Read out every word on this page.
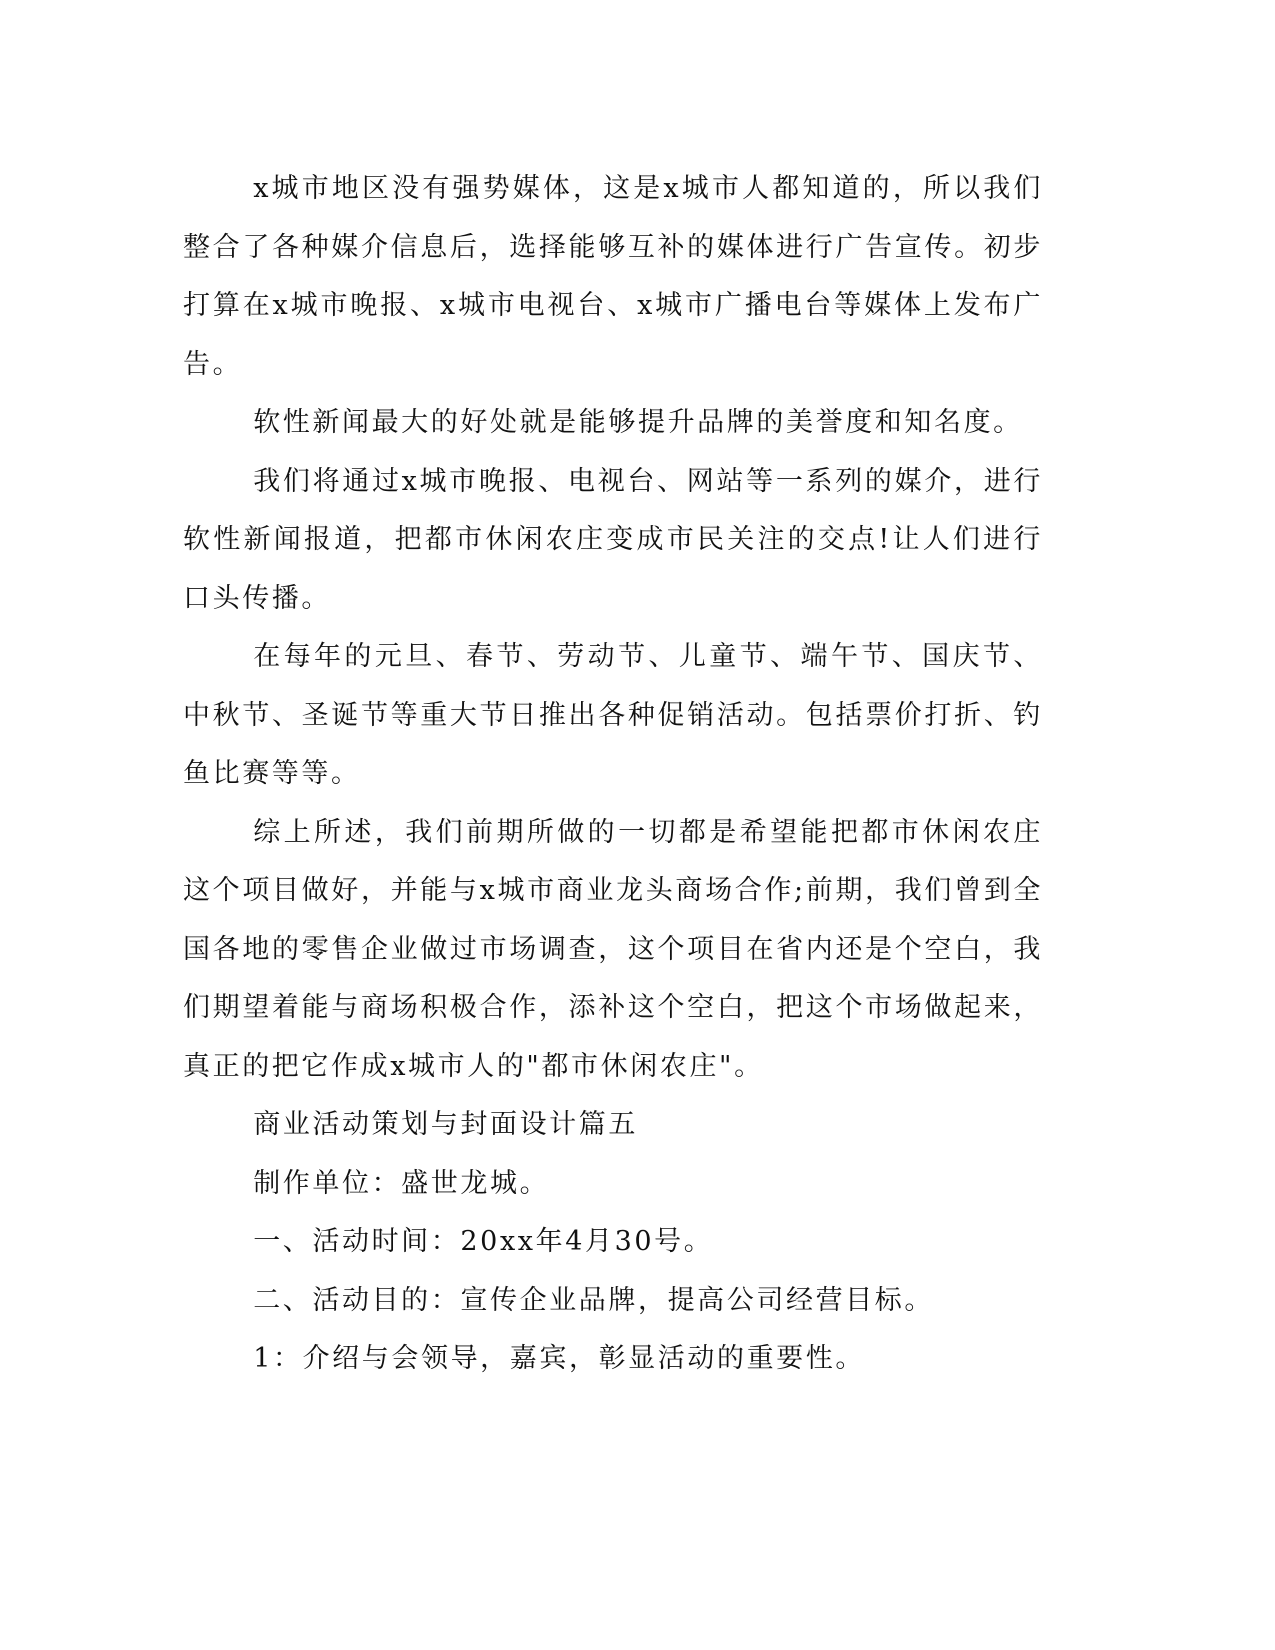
x城市地区没有强势媒体，这是x城市人都知道的，所以我们整合了各种媒介信息后，选择能够互补的媒体进行广告宣传。初步打算在x城市晚报、x城市电视台、x城市广播电台等媒体上发布广告。

软性新闻最大的好处就是能够提升品牌的美誉度和知名度。

我们将通过x城市晚报、电视台、网站等一系列的媒介，进行软性新闻报道，把都市休闲农庄变成市民关注的交点!让人们进行口头传播。

在每年的元旦、春节、劳动节、儿童节、端午节、国庆节、中秋节、圣诞节等重大节日推出各种促销活动。包括票价打折、钓鱼比赛等等。

综上所述，我们前期所做的一切都是希望能把都市休闲农庄这个项目做好，并能与x城市商业龙头商场合作;前期，我们曾到全国各地的零售企业做过市场调查，这个项目在省内还是个空白，我们期望着能与商场积极合作，添补这个空白，把这个市场做起来，真正的把它作成x城市人的"都市休闲农庄"。

商业活动策划与封面设计篇五

制作单位：盛世龙城。

一、活动时间：20xx年4月30号。

二、活动目的：宣传企业品牌，提高公司经营目标。

1：介绍与会领导，嘉宾，彰显活动的重要性。
